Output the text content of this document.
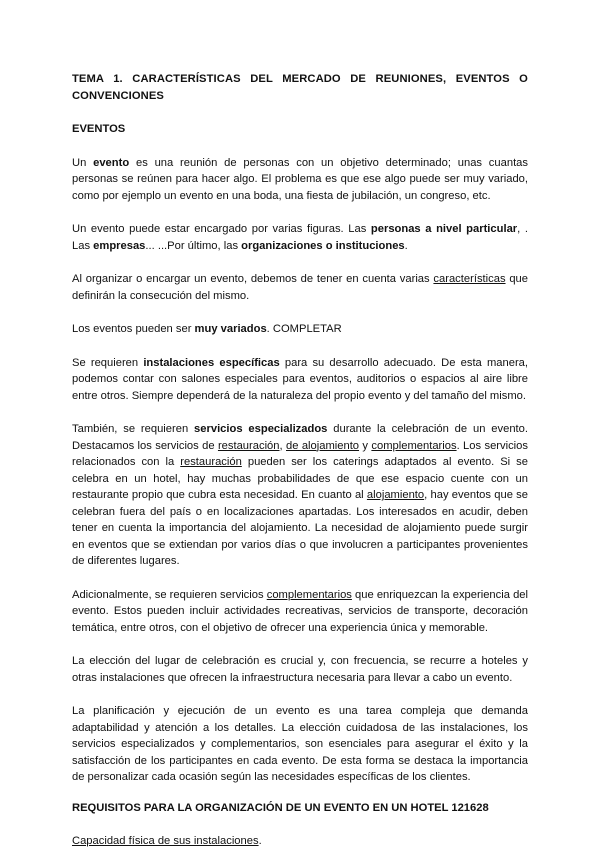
TEMA 1. CARACTERÍSTICAS DEL MERCADO DE REUNIONES, EVENTOS O CONVENCIONES

EVENTOS

Un evento es una reunión de personas con un objetivo determinado; unas cuantas personas se reúnen para hacer algo. El problema es que ese algo puede ser muy variado, como por ejemplo un evento en una boda, una fiesta de jubilación, un congreso, etc.

Un evento puede estar encargado por varias figuras. Las personas a nivel particular, . Las empresas... ...Por último, las organizaciones o instituciones.

Al organizar o encargar un evento, debemos de tener en cuenta varias características que definirán la consecución del mismo.

Los eventos pueden ser muy variados. COMPLETAR

Se requieren instalaciones específicas para su desarrollo adecuado. De esta manera, podemos contar con salones especiales para eventos, auditorios o espacios al aire libre entre otros. Siempre dependerá de la naturaleza del propio evento y del tamaño del mismo.

También, se requieren servicios especializados durante la celebración de un evento. Destacamos los servicios de restauración, de alojamiento y complementarios. Los servicios relacionados con la restauración pueden ser los caterings adaptados al evento. Si se celebra en un hotel, hay muchas probabilidades de que ese espacio cuente con un restaurante propio que cubra esta necesidad. En cuanto al alojamiento, hay eventos que se celebran fuera del país o en localizaciones apartadas. Los interesados en acudir, deben tener en cuenta la importancia del alojamiento. La necesidad de alojamiento puede surgir en eventos que se extiendan por varios días o que involucren a participantes provenientes de diferentes lugares.

Adicionalmente, se requieren servicios complementarios que enriquezcan la experiencia del evento. Estos pueden incluir actividades recreativas, servicios de transporte, decoración temática, entre otros, con el objetivo de ofrecer una experiencia única y memorable.

La elección del lugar de celebración es crucial y, con frecuencia, se recurre a hoteles y otras instalaciones que ofrecen la infraestructura necesaria para llevar a cabo un evento.

La planificación y ejecución de un evento es una tarea compleja que demanda adaptabilidad y atención a los detalles. La elección cuidadosa de las instalaciones, los servicios especializados y complementarios, son esenciales para asegurar el éxito y la satisfacción de los participantes en cada evento. De esta forma se destaca la importancia de personalizar cada ocasión según las necesidades específicas de los clientes.

REQUISITOS PARA LA ORGANIZACIÓN DE UN EVENTO EN UN HOTEL 121628

Capacidad física de sus instalaciones.
